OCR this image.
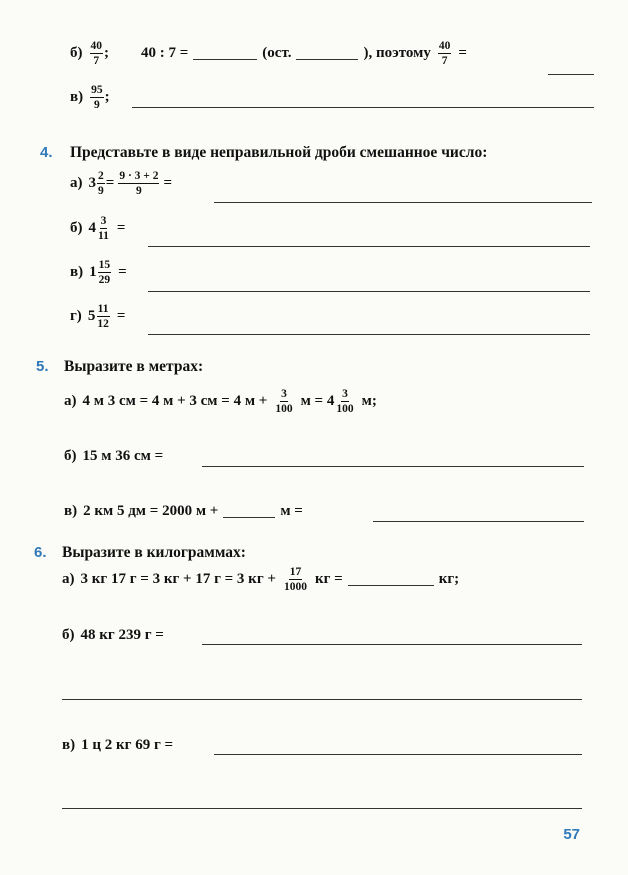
$б) \frac{40}{7}$ ; 40 : 7 =	(ост.	), поэтому $\frac{40}{7}$ =
$в) \frac{95}{9}$ ;
4. Представьте в виде неправильной дроби смешанное число:
а) $3 \frac{2}{9} = \frac{9 \cdot 3 + 2}{9}$ =
б) $4 \frac{3}{11}$ =
в) $1 \frac{15}{29}$ =
г) $5 \frac{11}{12}$ =
5. Выразите в метрах:
а) 4 м 3 см = 4 м + 3 см = 4 $м + \frac{3}{100}$ $м = 4 \frac{3}{100} м$;
б) 15 м 36 см =
в) 2 км 5 дм = 2000 м +	м =
6. Выразите в килограммах:
а) 3 кг 17 г = 3 кг + 17 г = 3 кг + $\frac{17}{1000}$ кг =	кг;
б) 48 кг 239 г =
в) 1 ц 2 кг 69 г =
57
